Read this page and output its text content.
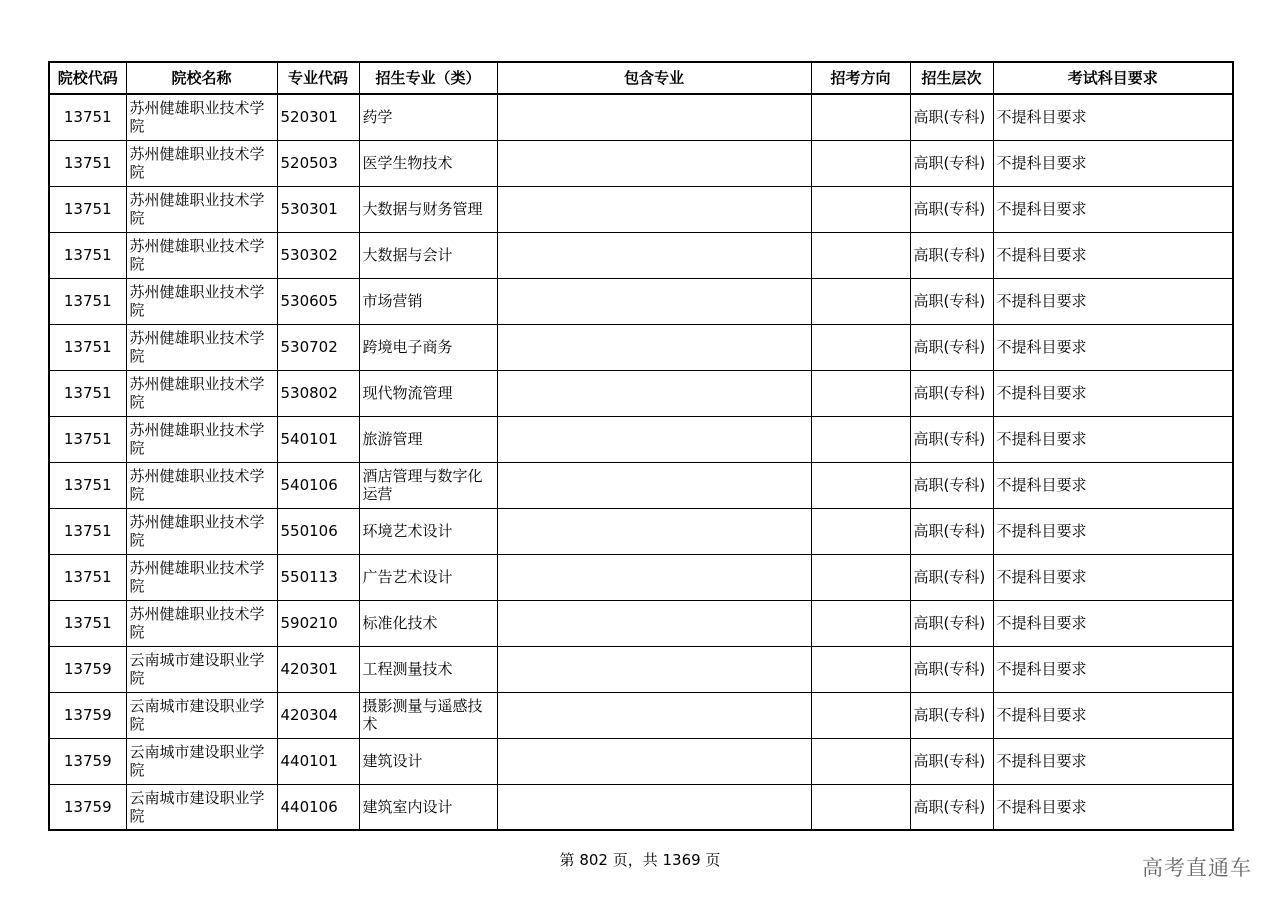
院校代码	院校名称	专业代码	招生专业（类）	包含专业	招考方向	招生层次	考试科目要求
13751	苏州健雄职业技术学院	520301	药学			高职(专科)	不提科目要求
13751	苏州健雄职业技术学院	520503	医学生物技术			高职(专科)	不提科目要求
13751	苏州健雄职业技术学院	530301	大数据与财务管理			高职(专科)	不提科目要求
13751	苏州健雄职业技术学院	530302	大数据与会计			高职(专科)	不提科目要求
13751	苏州健雄职业技术学院	530605	市场营销			高职(专科)	不提科目要求
13751	苏州健雄职业技术学院	530702	跨境电子商务			高职(专科)	不提科目要求
13751	苏州健雄职业技术学院	530802	现代物流管理			高职(专科)	不提科目要求
13751	苏州健雄职业技术学院	540101	旅游管理			高职(专科)	不提科目要求
13751	苏州健雄职业技术学院	540106	酒店管理与数字化运营			高职(专科)	不提科目要求
13751	苏州健雄职业技术学院	550106	环境艺术设计			高职(专科)	不提科目要求
13751	苏州健雄职业技术学院	550113	广告艺术设计			高职(专科)	不提科目要求
13751	苏州健雄职业技术学院	590210	标准化技术			高职(专科)	不提科目要求
13759	云南城市建设职业学院	420301	工程测量技术			高职(专科)	不提科目要求
13759	云南城市建设职业学院	420304	摄影测量与遥感技术			高职(专科)	不提科目要求
13759	云南城市建设职业学院	440101	建筑设计			高职(专科)	不提科目要求
13759	云南城市建设职业学院	440106	建筑室内设计			高职(专科)	不提科目要求
第 802 页，共 1369 页	高考直通车
